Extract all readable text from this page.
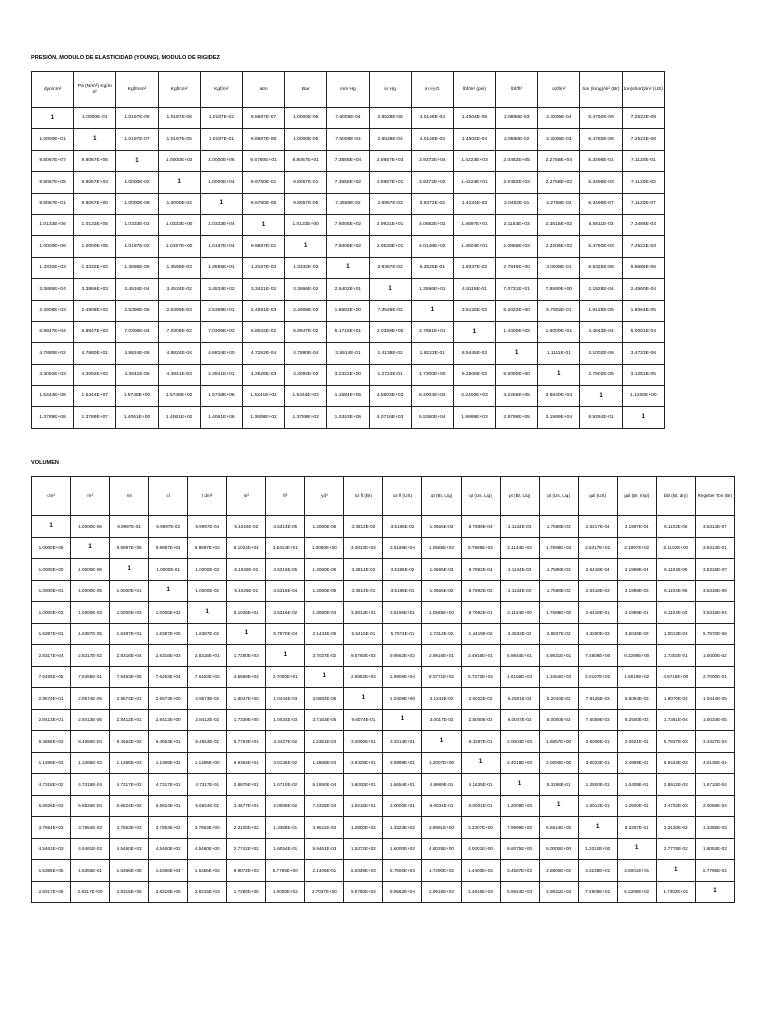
PRESIÓN, MODULO DE ELASTICIDAD (YOUNG), MODULO DE RIGIDEZ
dyn/cm²	Pa (N/m²) Kg/m s²	Kgf/mm²	Kgf/cm²	Kgf/m²	atm	Bar	mm Hg	in Hg	in H₂O	lbf/in² (psi)	lbf/ft²	ozf/in²	ton (long)/in² (Br)	ton(short)/in² (US)
1	1.0000E-01	1.0197E-08	1.0197E-06	1.0197E-02	9.8687E-07	1.0000E-06	7.5008E-04	2.9528E-05	4.0148E-04	1.4504E-05	2.0886E-03	2.3206E-04	6.4750E-09	7.2522E-09
1.0000E+01	1	1.0197E-07	1.0197E-05	1.0197E-01	9.8687E-06	1.0000E-05	7.5008E-03	2.9528E-04	4.0148E-03	1.4504E-04	2.0886E-02	2.3206E-03	6.4750E-08	7.2522E-08
9.8067E+07	9.8067E+06	1	1.0000E+02	1.0000E+06	9.6780E+01	9.8067E+01	7.3558E+04	2.8957E+03	3.9372E+04	1.4224E+03	2.0482E+05	2.2758E+04	6.3498E-01	7.1120E-01
9.8067E+05	9.8067E+04	1.0000E-02	1	1.0000E+04	9.6780E-01	9.8067E-01	7.3558E+02	2.8957E+01	3.9372E+02	1.4224E+01	2.0482E+03	2.2758E+02	6.3498E-03	7.1120E-03
9.8067E+01	9.8067E+00	1.0000E-06	1.0000E-04	1	9.6780E-05	9.8067E-05	7.3558E-02	2.8957E-03	3.9372E-02	1.4224E-03	2.0482E-01	2.2758E-02	6.3498E-07	7.1120E-07
1.0133E+06	1.0133E+05	1.0333E-02	1.0333E+00	1.0333E+04	1	1.0133E+00	7.6005E+02	2.9921E+01	4.0682E+02	1.4697E+01	2.1163E+03	2.3515E+02	6.5611E-03	7.3486E-03
1.0000E+06	1.0000E+05	1.0197E-02	1.0197E+00	1.0197E+04	9.8687E-01	1	7.5008E+02	2.9528E+01	4.0148E+02	1.4504E+01	2.0886E+03	2.3206E+02	6.4750E-03	7.2522E-03
1.3332E+03	1.3332E+02	1.3595E-05	1.3595E-03	1.3595E+01	1.3157E-03	1.3332E-03	1	3.9367E-02	5.3525E-01	1.9337E-02	2.7845E+00	3.0938E-01	8.6325E-06	9.6686E-06
3.3866E+04	3.3866E+03	3.4534E-04	3.4534E-02	3.4534E+02	3.3421E-02	3.3866E-02	2.5402E+01	1	1.3596E+01	4.9119E-01	7.0731E+01	7.8590E+00	2.1928E-04	2.4560E-04
2.4908E+03	2.4908E+02	2.5399E-05	2.5399E-03	2.5399E+01	2.4581E-03	2.4908E-03	1.8683E+00	7.3549E-02	1	3.6126E-02	5.2022E+00	5.7802E-01	1.6128E-05	1.8064E-05
6.8947E+04	6.8947E+03	7.0306E-04	7.0306E-02	7.0306E+02	6.8042E-02	6.8947E-02	5.1715E+01	2.0359E+00	2.7681E+01	1	1.4400E+02	1.6000E+01	4.4643E-04	5.0001E-04
4.7880E+02	4.7880E+01	4.8824E-06	4.8824E-04	4.8824E+00	4.7252E-04	4.7880E-04	3.5914E-01	1.4138E-02	1.9223E-01	6.9445E-03	1	1.1111E-01	3.1002E-06	3.4723E-06
4.3092E+03	4.3092E+02	4.3941E-05	4.3941E-03	4.3941E+01	4.2526E-03	4.3092E-03	3.2322E+00	1.2724E-01	1.7300E+00	6.2500E-02	9.0000E+00	1	2.7902E-05	3.1251E-05
1.5444E+08	1.5444E+07	1.5748E+00	1.5748E+02	1.5748E+06	1.5241E+02	1.5444E+02	1.1584E+05	4.5603E+03	6.2004E+04	2.2400E+03	3.2256E+05	3.5840E+04	1	1.1200E+00
1.3789E+08	1.3789E+07	1.4061E+00	1.4061E+02	1.4061E+06	1.3608E+02	1.3789E+02	1.0343E+05	4.0716E+03	5.5360E+04	1.9999E+03	2.8799E+05	3.1999E+04	8.9284E-01	1
VOLUMEN
cm³	m³	ml	cl	l dm³	in³	ft³	yd³	oz fl (Br)	oz fl (US)	qt (Br, Liq)	qt (Us, Liq)	pt (Br, Liq)	pt (Us, Liq)	gal (US)	gal (Br, Imp)	bbl (Br, dry)	Register Ton (Br)
1	1.0000E-06	9.9997E-01	9.9997E-02	9.9997E-04	6.1024E-02	3.5314E-05	1.3080E-06	3.3813E-02	3.5195E-02	1.0565E-03	8.7989E-04	2.1134E-03	1.7598E-03	2.6417E-04	2.1997E-04	6.1102E-06	3.5314E-07
1.0000E+06	1	9.9997E+05	9.9997E+04	9.9997E+02	6.1024E+04	3.5314E+01	1.3080E+00	3.3813E+04	3.5195E+04	1.0565E+03	8.7989E+02	2.1134E+03	1.7598E+03	2.6417E+02	2.1997E+02	6.1102E+00	3.5314E-01
1.0000E+00	1.0000E-06	1	1.0000E-01	1.0000E-03	6.1026E-02	3.5316E-05	1.3080E-06	3.3814E-02	3.5196E-02	1.0565E-03	8.7992E-04	2.1134E-03	1.7598E-03	2.6418E-04	2.1998E-04	6.1104E-06	3.5316E-07
1.0000E+01	1.0000E-05	1.0000E+01	1	1.0000E-02	6.1026E-01	3.5316E-04	1.3080E-05	3.3814E-01	3.5196E-01	1.0565E-02	8.7992E-03	2.1134E-02	1.7598E-02	2.6418E-03	2.1998E-03	6.1104E-05	3.5316E-06
1.0000E+03	1.0000E-03	1.0000E+03	1.0000E+02	1	6.1026E+01	3.5316E-02	1.3080E-03	3.3814E+01	3.5196E+01	1.0565E+00	8.7992E-01	2.1134E+00	1.7598E+00	2.6418E-01	2.1998E-01	6.1104E-03	3.5316E-04
1.6387E+01	1.6387E-05	1.6387E+01	1.6387E+00	1.6387E-02	1	5.7870E-04	2.1434E-05	5.5410E-01	5.7674E-01	1.7312E-02	1.4419E-02	3.4632E-02	2.8837E-02	4.3290E-03	3.6046E-03	1.0013E-04	5.7870E-06
2.8317E+04	2.8317E-02	2.8316E+04	2.8316E+03	2.8316E+01	1.7280E+03	1	3.7037E-02	9.5750E+02	9.9662E+02	2.9916E+01	2.4916E+01	5.9844E+01	4.9831E+01	7.4806E+00	6.2289E+00	1.7302E-01	1.0000E-02
7.6455E+05	7.6455E-01	7.6453E+05	7.6453E+04	7.6453E+02	4.6656E+04	2.7000E+01	1	2.5852E+04	2.6908E+04	8.0771E+02	6.7272E+02	1.6158E+03	1.3454E+03	2.0197E+02	1.6818E+02	4.6716E+00	2.7000E-01
2.9574E+01	2.9574E-05	2.9573E+01	2.9573E+00	2.9573E-02	1.8047E+00	1.0444E-03	3.8682E-05	1	1.0409E+00	3.1244E-02	2.6022E-02	6.2501E-02	5.2043E-02	7.8126E-03	6.5054E-03	1.8070E-04	1.0444E-05
2.8413E+01	2.8413E-05	2.8412E+01	2.8412E+00	2.8412E-02	1.7339E+00	1.0034E-03	3.7163E-05	9.6074E-01	1	3.0017E-02	2.5000E-02	6.0047E-02	5.0000E-02	7.5059E-03	6.2500E-03	1.7361E-04	1.0034E-05
9.4656E+02	9.4656E-04	9.4653E+02	9.4653E+01	9.4653E-01	5.7763E+01	3.3427E-02	1.2381E-03	3.2006E+01	3.3314E+01	1	8.3287E-01	2.0004E+00	1.6657E+00	2.5006E-01	2.0821E-01	5.7837E-03	3.3427E-04
1.1365E+03	1.1365E-03	1.1365E+03	1.1365E+02	1.1365E+00	6.9354E+01	4.0135E-02	1.4865E-03	3.8429E+01	3.9999E+01	1.2007E+00	1	2.4018E+00	2.0000E+00	3.0023E-01	2.4999E-01	6.9443E-03	4.0135E-04
4.7318E+02	4.7318E-04	4.7317E+02	4.7317E+01	4.7317E-01	2.8875E+01	1.6710E-02	6.1890E-04	1.6000E+01	1.6654E+01	4.9989E-01	4.1635E-01	1	8.3268E-01	1.2500E-01	1.0408E-01	2.8912E-03	1.6710E-04
5.6826E+02	5.6826E-04	5.6824E+02	5.6824E+01	5.6824E-01	3.4677E+01	2.0068E-02	7.4326E-04	1.9215E+01	2.0000E+01	6.0034E-01	5.0001E-01	1.2009E+00	1	1.5012E-01	1.2500E-01	3.4722E-03	2.0068E-04
3.7854E+03	3.7854E-03	3.7853E+03	3.7853E+02	3.7853E+00	2.3100E+02	1.3368E-01	4.9511E-03	1.2800E+02	1.3323E+02	3.9991E+00	3.3307E+00	7.9999E+00	6.6614E+00	1	8.3267E-01	2.3130E-02	1.3368E-03
4.5461E+03	4.5461E-03	4.5460E+03	4.5460E+02	4.5460E+00	2.7742E+02	1.6054E-01	5.9461E-03	1.5372E+02	1.6000E+02	4.8028E+00	4.0001E+00	9.6075E+00	8.0000E+00	1.2010E+00	1	2.7778E-02	1.6054E-03
1.6366E+05	1.6366E-01	1.6366E+05	1.6366E+04	1.6366E+02	9.9872E+03	5.7796E+00	2.1406E-01	5.5339E+03	5.7600E+03	1.7290E+02	1.4400E+02	3.4587E+02	2.8800E+02	4.3235E+01	3.6001E+01	1	5.7796E-02
2.8317E+06	2.8317E+00	2.8316E+06	2.8316E+05	2.8316E+03	1.7280E+05	1.0000E+02	3.7037E+00	9.5750E+04	9.9662E+04	2.9916E+03	2.4916E+03	5.9844E+03	4.9831E+03	7.4806E+02	6.2289E+02	1.7302E+01	1
